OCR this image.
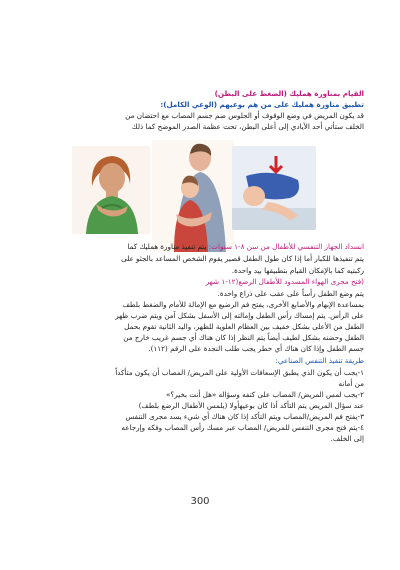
القيام بمناورة همليك (الضغط على البطن)
تطبيق مناورة همليك على من هم بوعيهم (الوعي الكامل):
قد يكون المريض في وضع الوقوف أو الجلوس ضم جسم المصاب مع احتضان من
الخلف ستأتي أحد الأيادي إلى أعلى البطن، تحت عظمة الصدر الموضح كما ذلك
انسداد الجهاز التنفسي للأطفال من سن ٨-١ سنوات: يتم تنفيذ مناورة همليك كما
يتم تنفيذها للكبار أما إذا كان طول الطفل قصير يقوم الشخص المساعد بالجثو على
ركبتيه كما بالإمكان القيام بتطبيقها بيد واحدة.
(فتح مجرى الهواء المسدود للأطفال الرضع(١٢-١ شهر
يتم وضع الطفل رأساً على عقب على ذراع واحدة.
بمساعدة الإبهام والأصابع الأخرى، يفتح فم الرضيع مع الإمالة للأمام والضغط بلطف
على الرأس. يتم إمساك رأس الطفل وإمالته إلى الأسفل بشكل آمن ويتم ضرب ظهر
الطفل من الأعلى بشكل خفيف بين العظام العلوية للظهر، واليد الثانية تقوم بحمل
الطفل وحضنه بشكل لطيف أيضاً يتم النظر إذا كان هناك أي جسم غريب خارج من
جسم الطفل وإذا كان هناك أي خطر يجب طلب النجدة على الرقم (١١٢).
طريقة تنفيذ التنفس الصناعي:
١-يجب أن يكون الذي يطبق الإسعافات الأولية على المريض/ المصاب أن يكون متأكداً
من أمانه
٢-يجب لمس المريض/ المصاب على كتفه وسؤاله «هل أنت بخير؟»
عند سؤال المريض يتم التأكد أذا كان بوعيهأولا (يلمس الأطفال الرضع بلطف)
٣-يفتح فم المريض/المصاب ويتم التأكد إذا كان هناك أي شيء يسد مجرى التنفس
٤-يتم فتح مجرى التنفس للمريض/ المصاب عبر مسك رأس المصاب وفكه وإرجاعه
إلى الخلف.
300
